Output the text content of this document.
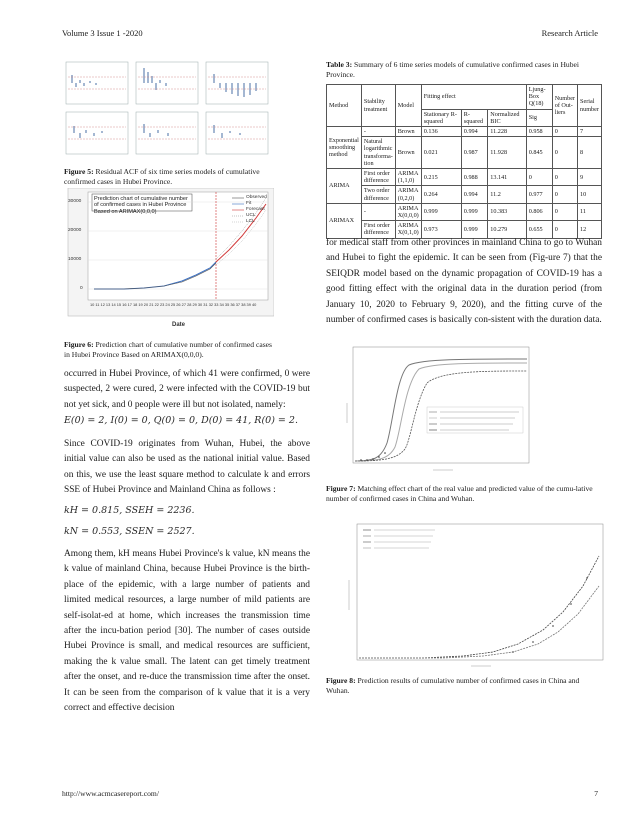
Volume 3 Issue 1 -2020	Research Article
Figure 5: Residual ACF of six time series models of cumulative confirmed cases in Hubei Province.
Prediction chart of cumulative number of confirmed cases in Hubei Province Based on ARIMAX(0,0,0)
Observed
Fit
Forecast
UCL
LCL
30000
20000
10000
0
10 11 12 13 14 15 16 17 18 19 20 21 22 23 24 25 26 27 28 29 30 31 32 33 34 35 36 37 38 39 40
Date
Figure 6: Prediction chart of cumulative number of confirmed cases in Hubei Province Based on ARIMAX(0,0,0).
occurred in Hubei Province, of which 41 were confirmed, 0 were suspected, 2 were cured, 2 were infected with the COVID-19 but not yet sick, and 0 people were ill but not isolated, namely:
E(0) = 2, I(0) = 0, Q(0) = 0, D(0) = 41, R(0) = 2.
Since COVID-19 originates from Wuhan, Hubei, the above initial value can also be used as the national initial value. Based on this, we use the least square method to calculate k and errors SSE of Hubei Province and Mainland China as follows :
kH = 0.815, SSEH = 2236.
kN = 0.553, SSEN = 2527.
Among them, kH means Hubei Province's k value, kN means the k value of mainland China, because Hubei Province is the birth-place of the epidemic, with a large number of patients and limited medical resources, a large number of mild patients are self-isolat-ed at home, which increases the transmission time after the incu-bation period [30]. The number of cases outside Hubei Province is small, and medical resources are sufficient, making the k value small. The latent can get timely treatment after the onset, and re-duce the transmission time after the onset. It can be seen from the comparison of k value that it is a very correct and effective decision
Table 3: Summary of 6 time series models of cumulative confirmed cases in Hubei Province.
Method	Stability treatment	Model	Fitting effect			Ljung-Box Q(18)	Number of Out-liers	Serial number
			Stationary R-squared	R-squared	Normalized BIC	Sig		
Exponential smoothing method	-	Brown	0.136	0.994	11.228	0.958	0	7
	Natural logarithmic transforma-tion	Brown	0.021	0.987	11.928	0.845	0	8
ARIMA	First order difference	ARIMA (1,1,0)	0.215	0.988	13.141	0	0	9
	Two order difference	ARIMA (0,2,0)	0.264	0.994	11.2	0.977	0	10
ARIMAX	-	ARIMA X(0,0,0)	0.999	0.999	10.383	0.806	0	11
	First order difference	ARIMA X(0,1,0)	0.973	0.999	10.279	0.655	0	12
for medical staff from other provinces in mainland China to go to Wuhan and Hubei to fight the epidemic. It can be seen from (Fig-ure 7) that the SEIQDR model based on the dynamic propagation of COVID-19 has a good fitting effect with the original data in the duration period (from January 10, 2020 to February 9, 2020), and the fitting curve of the number of confirmed cases is basically con-sistent with the duration data.
Figure 7: Matching effect chart of the real value and predicted value of the cumu-lative number of confirmed cases in China and Wuhan.
Figure 8: Prediction results of cumulative number of confirmed cases in China and Wuhan.
http://www.acmcasereport.com/	7
